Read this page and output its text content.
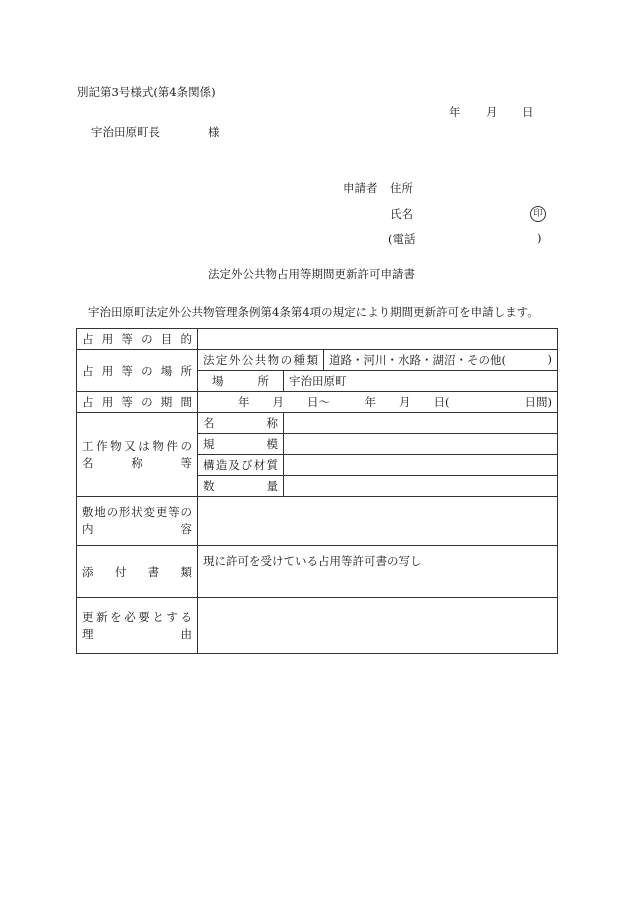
別記第3号様式(第4条関係)
年 月 日
宇治田原町長	様
申請者 住所
氏名	印
(電話	)
法定外公共物占用等期間更新許可申請書
宇治田原町法定外公共物管理条例第4条第4項の規定により期間更新許可を申請します。
占用等の目的			
占用等の場所	法定外公共物の種類		道路・河川・水路・湖沼・その他( )

	場所	宇治田原町	
占用等の期間	年　　月　　日〜　　　年　　月　　日( 日間)		

工作物又は物件の
名称等	名称		
	規模		
	構造及び材質		
	数量		

敷地の形状変更等の
内容			

添付書類	現に許可を受けている占用等許可書の写し		

更新を必要とする
理由			
